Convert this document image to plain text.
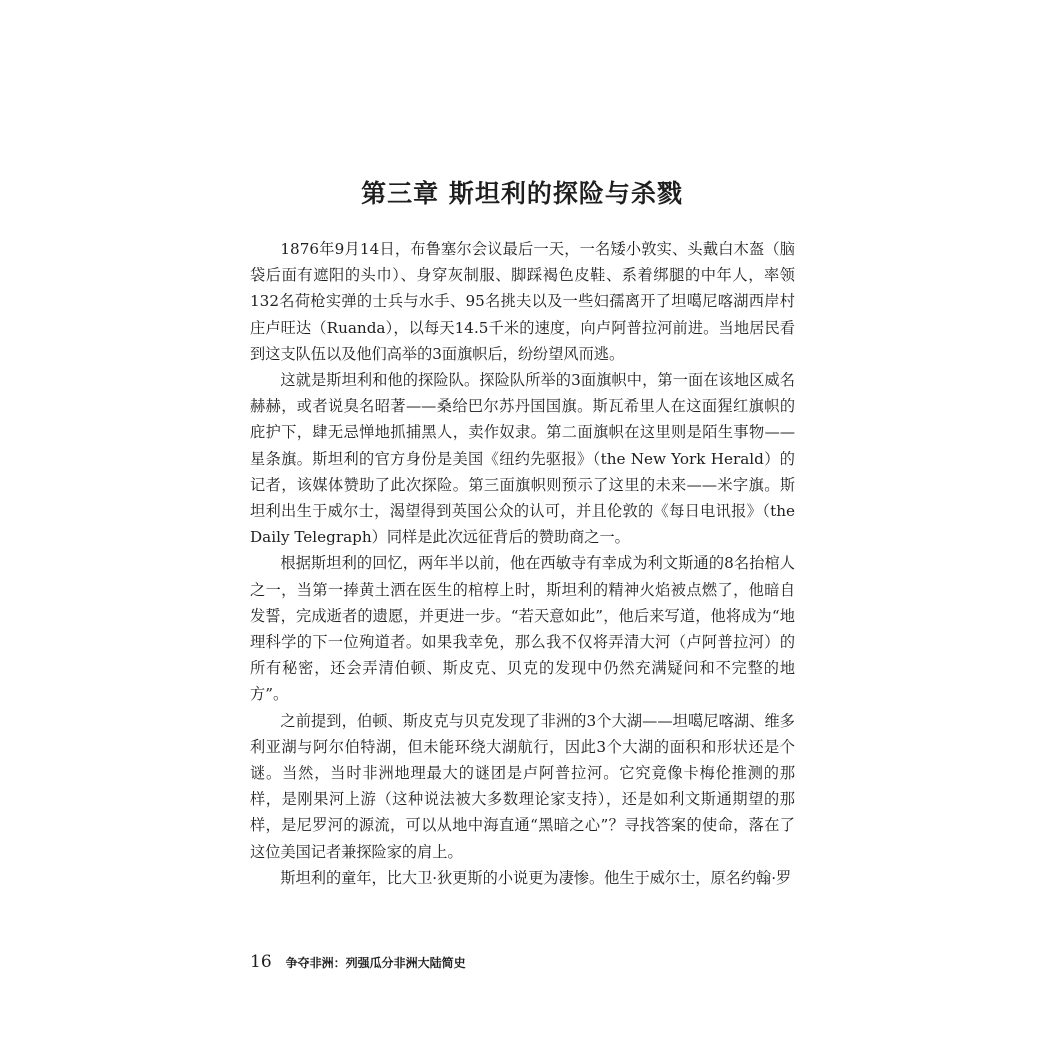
第三章 斯坦利的探险与杀戮

1876年9月14日，布鲁塞尔会议最后一天，一名矮小敦实、头戴白木盔（脑袋后面有遮阳的头巾）、身穿灰制服、脚踩褐色皮鞋、系着绑腿的中年人，率领132名荷枪实弹的士兵与水手、95名挑夫以及一些妇孺离开了坦噶尼喀湖西岸村庄卢旺达（Ruanda），以每天14.5千米的速度，向卢阿普拉河前进。当地居民看到这支队伍以及他们高举的3面旗帜后，纷纷望风而逃。

这就是斯坦利和他的探险队。探险队所举的3面旗帜中，第一面在该地区威名赫赫，或者说臭名昭著——桑给巴尔苏丹国国旗。斯瓦希里人在这面猩红旗帜的庇护下，肆无忌惮地抓捕黑人，卖作奴隶。第二面旗帜在这里则是陌生事物——星条旗。斯坦利的官方身份是美国《纽约先驱报》（the New York Herald）的记者，该媒体赞助了此次探险。第三面旗帜则预示了这里的未来——米字旗。斯坦利出生于威尔士，渴望得到英国公众的认可，并且伦敦的《每日电讯报》（the Daily Telegraph）同样是此次远征背后的赞助商之一。

根据斯坦利的回忆，两年半以前，他在西敏寺有幸成为利文斯通的8名抬棺人之一，当第一捧黄土洒在医生的棺椁上时，斯坦利的精神火焰被点燃了，他暗自发誓，完成逝者的遗愿，并更进一步。“若天意如此”，他后来写道，他将成为“地理科学的下一位殉道者。如果我幸免，那么我不仅将弄清大河（卢阿普拉河）的所有秘密，还会弄清伯顿、斯皮克、贝克的发现中仍然充满疑问和不完整的地方”。

之前提到，伯顿、斯皮克与贝克发现了非洲的3个大湖——坦噶尼喀湖、维多利亚湖与阿尔伯特湖，但未能环绕大湖航行，因此3个大湖的面积和形状还是个谜。当然，当时非洲地理最大的谜团是卢阿普拉河。它究竟像卡梅伦推测的那样，是刚果河上游（这种说法被大多数理论家支持），还是如利文斯通期望的那样，是尼罗河的源流，可以从地中海直通“黑暗之心”？寻找答案的使命，落在了这位美国记者兼探险家的肩上。

斯坦利的童年，比大卫·狄更斯的小说更为凄惨。他生于威尔士，原名约翰·罗

16 争夺非洲：列强瓜分非洲大陆简史
